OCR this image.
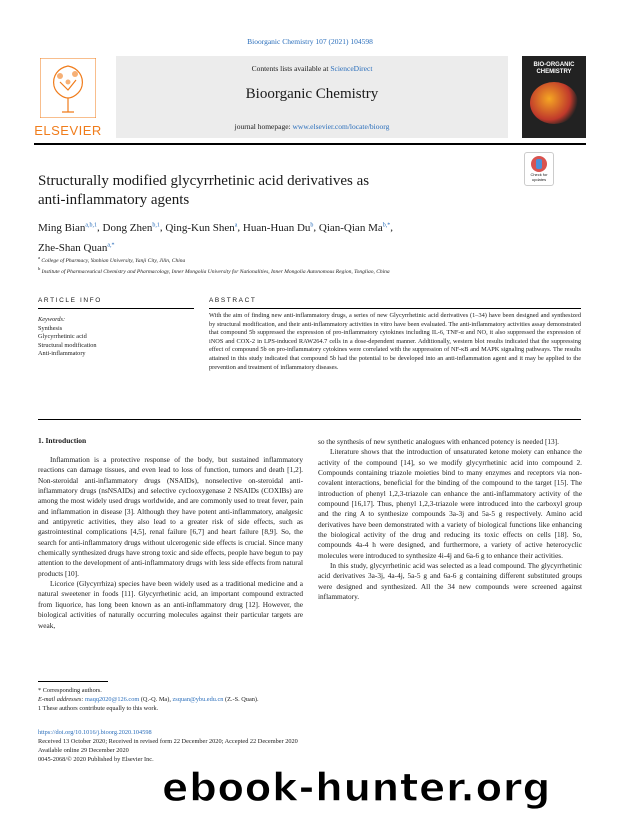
Bioorganic Chemistry 107 (2021) 104598
ELSEVIER
Contents lists available at ScienceDirect
Bioorganic Chemistry
journal homepage: www.elsevier.com/locate/bioorg
BIO-ORGANIC CHEMISTRY
Structurally modified glycyrrhetinic acid derivatives as
anti-inflammatory agents
Check for updates
Ming Bian$^{a,b,1}$, Dong Zhen$^{b,1}$, Qing-Kun Shen$^a$, Huan-Huan Du$^b$, Qian-Qian $Ma^{b,*}$,
Zhe-Shan Quan$^{a,*}$
$^a$ College of Pharmacy, Yanbian University, Yanji City, Jilin, China
$^b$ Institute of Pharmaceutical Chemistry and Pharmacology, Inner Mongolia University for Nationalities, Inner Mongolia Autonomous Region, Tongliao, China
ARTICLE INFO	ABSTRACT
Keywords:
Synthesis
Glycyrrhetinic acid
Structural modification
Anti-inflammatory
With the aim of finding new anti-inflammatory drugs, a series of new Glycyrrhetinic acid derivatives (1–34) have been designed and synthesized by structural modification, and their anti-inflammatory activities in vitro have been evaluated. The anti-inflammatory activities assay demonstrated that compound 5b suppressed the expression of pro-inflammatory cytokines including IL-6, TNF-α and NO, it also suppressed the expression of iNOS and COX-2 in LPS-induced RAW264.7 cells in a dose-dependent manner. Additionally, western blot results indicated that the suppressing effect of compound 5b on pro-inflammatory cytokines were correlated with the suppression of NF-κB and MAPK signaling pathways. The results attained in this study indicated that compound 5b had the potential to be developed into an anti-inflammation agent and it may be applied to the prevention and treatment of inflammatory diseases.
1. Introduction

Inflammation is a protective response of the body, but sustained inflammatory reactions can damage tissues, and even lead to loss of function, tumors and death [1,2]. Non-steroidal anti-inflammatory drugs (NSAIDs), nonselective on-steroidal anti-inflammatory drugs (nsNSAIDs) and selective cyclooxygenase 2 NSAIDs (COXIBs) are among the most widely used drugs worldwide, and are commonly used to treat fever, pain and inflammation in disease [3]. Although they have potent anti-inflammatory, analgesic and antipyretic activities, they also lead to a greater risk of side effects, such as gastrointestinal complications [4,5], renal failure [6,7] and heart failure [8,9]. So, the search for anti-inflammatory drugs without ulcerogenic side effects is crucial. Since many chemically synthesized drugs have strong toxic and side effects, people have begun to pay attention to the development of anti-inflammatory drugs with less side effects from natural products [10].

Licorice (Glycyrrhiza) species have been widely used as a traditional medicine and a natural sweetener in foods [11]. Glycyrrhetinic acid, an important compound extracted from liquorice, has long been known as an anti-inflammatory drug [12]. However, the biological activities of naturally occurring molecules against their particular targets are weak,

so the synthesis of new synthetic analogues with enhanced potency is needed [13].

Literature shows that the introduction of unsaturated ketone moiety can enhance the activity of the compound [14], so we modify glycyrrhetinic acid into compound 2. Compounds containing triazole moieties bind to many enzymes and receptors via non-covalent interactions, beneficial for the binding of the compound to the target [15]. The introduction of phenyl 1,2,3-triazole can enhance the anti-inflammatory activity of the compound [16,17]. Thus, phenyl 1,2,3-triazole were introduced into the carboxyl group and the ring A to synthesize compounds 3a-3j and 5a-5 g respectively. Amino acid derivatives have been demonstrated with a variety of biological functions like enhancing the biological activity of the drug and reducing its toxic effects on cells [18]. So, compounds 4a-4 h were designed, and furthermore, a variety of active heterocyclic molecules were introduced to synthesize 4i-4j and 6a-6 g to enhance their activities.

In this study, glycyrrhetinic acid was selected as a lead compound. The glycyrrhetinic acid derivatives 3a-3j, 4a-4j, 5a-5 g and 6a-6 g containing different substituted groups were designed and synthesized. All the 34 new compounds were screened against inflammatory.

* Corresponding authors.
E-mail addresses: maqq2020@126.com (Q.-Q. Ma), zsquan@ybu.edu.cn (Z.-S. Quan).
1 These authors contribute equally to this work.
https://doi.org/10.1016/j.bioorg.2020.104598
Received 13 October 2020; Received in revised form 22 December 2020; Accepted 22 December 2020
Available online 29 December 2020
0045-2068/© 2020 Published by Elsevier Inc.
ebook-hunter.org
